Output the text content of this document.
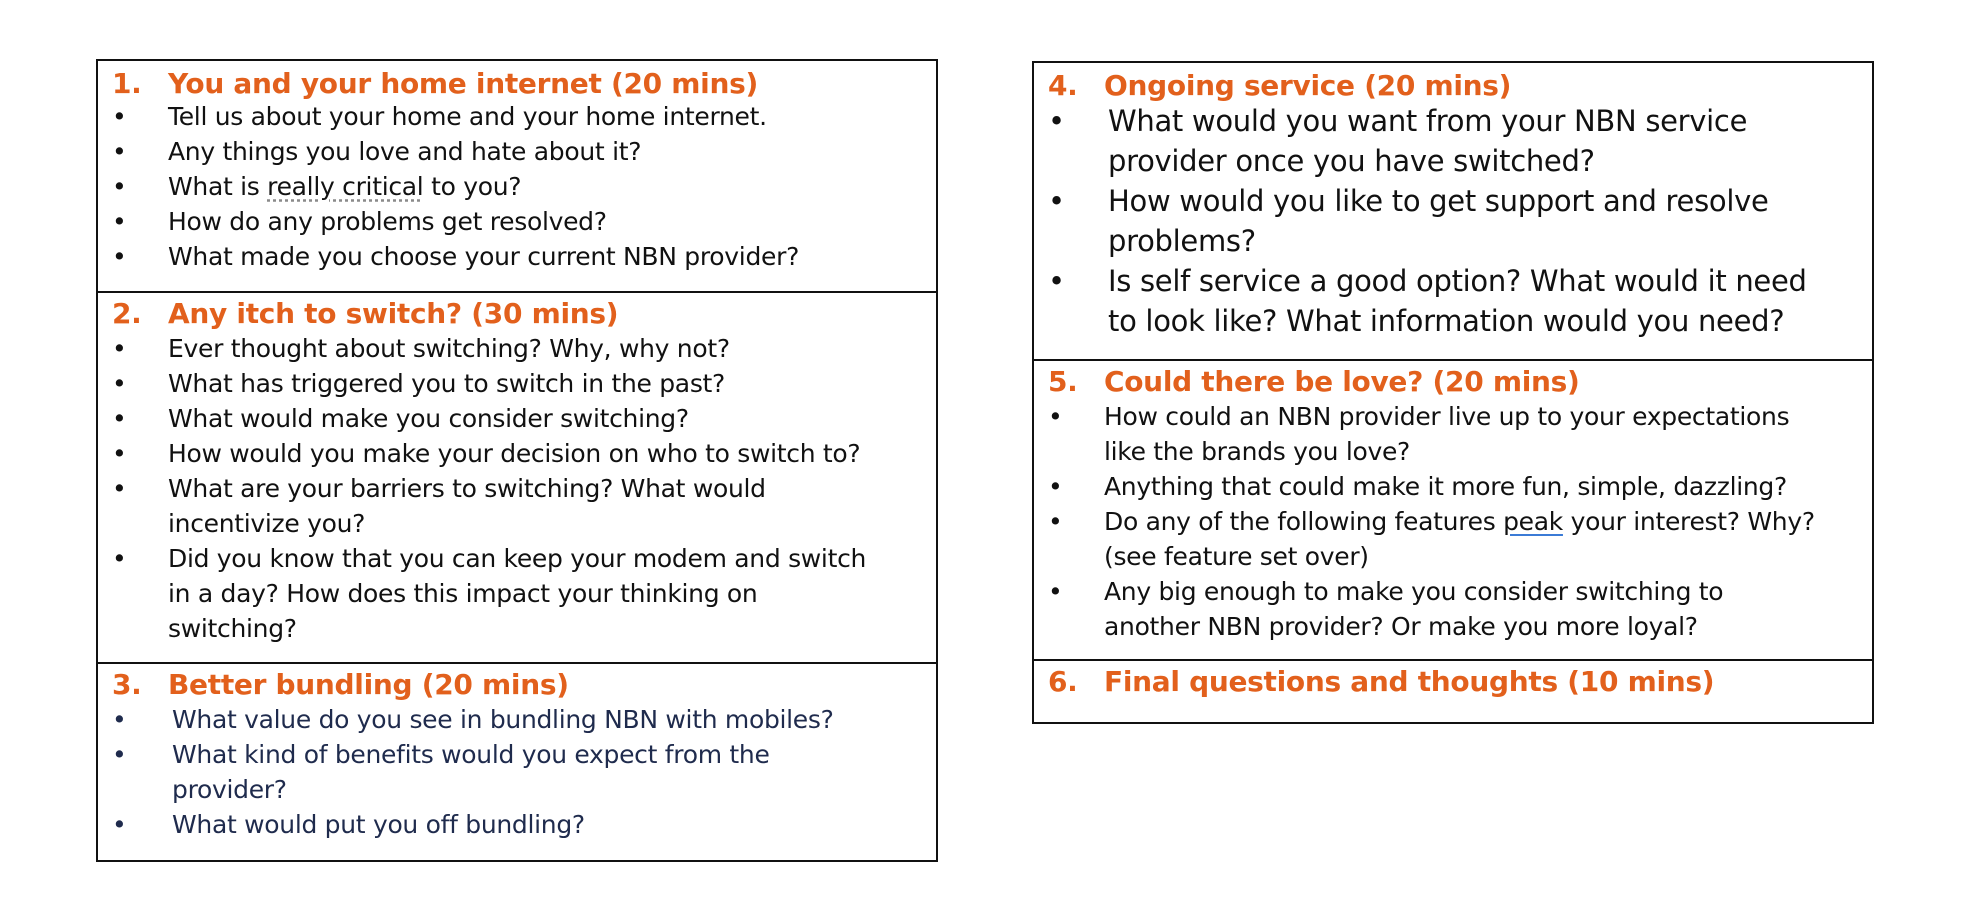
1. You and your home internet (20 mins)
• Tell us about your home and your home internet.
• Any things you love and hate about it?
• What is really critical to you?
• How do any problems get resolved?
• What made you choose your current NBN provider?
2. Any itch to switch? (30 mins)
• Ever thought about switching? Why, why not?
• What has triggered you to switch in the past?
• What would make you consider switching?
• How would you make your decision on who to switch to?
• What are your barriers to switching? What would
incentivize you?
• Did you know that you can keep your modem and switch
in a day? How does this impact your thinking on
switching?
3. Better bundling (20 mins)
• What value do you see in bundling NBN with mobiles?
• What kind of benefits would you expect from the
provider?
• What would put you off bundling?
4. Ongoing service (20 mins)
• What would you want from your NBN service
provider once you have switched?
• How would you like to get support and resolve
problems?
• Is self service a good option? What would it need
to look like? What information would you need?
5. Could there be love? (20 mins)
• How could an NBN provider live up to your expectations
like the brands you love?
• Anything that could make it more fun, simple, dazzling?
• Do any of the following features peak your interest? Why?
(see feature set over)
• Any big enough to make you consider switching to
another NBN provider? Or make you more loyal?
6. Final questions and thoughts (10 mins)
